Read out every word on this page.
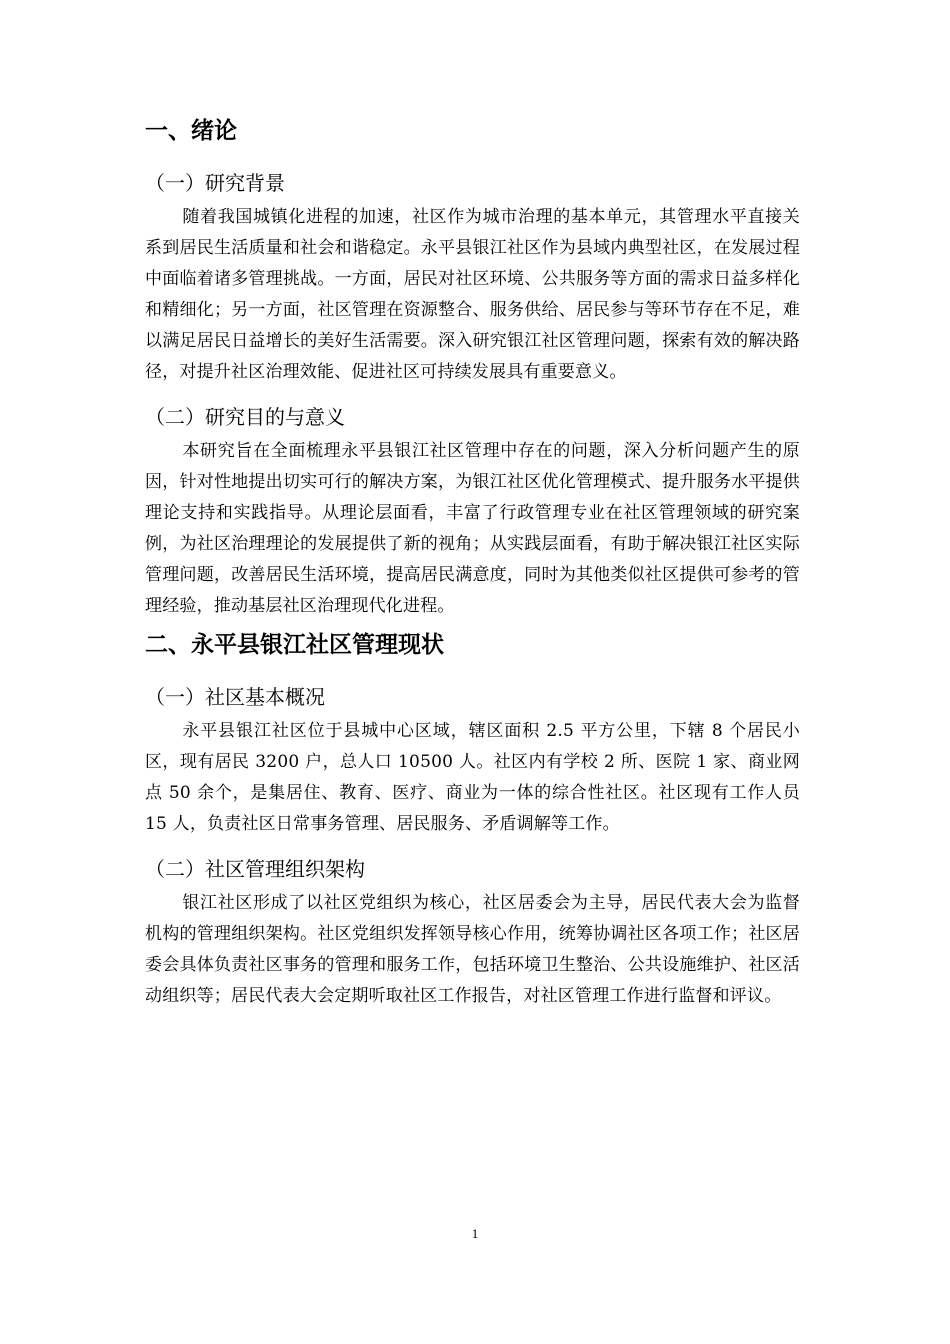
一、绪论
（一）研究背景

随着我国城镇化进程的加速，社区作为城市治理的基本单元，其管理水平直接关系到居民生活质量和社会和谐稳定。永平县银江社区作为县域内典型社区，在发展过程中面临着诸多管理挑战。一方面，居民对社区环境、公共服务等方面的需求日益多样化和精细化；另一方面，社区管理在资源整合、服务供给、居民参与等环节存在不足，难以满足居民日益增长的美好生活需要。深入研究银江社区管理问题，探索有效的解决路径，对提升社区治理效能、促进社区可持续发展具有重要意义。

（二）研究目的与意义

本研究旨在全面梳理永平县银江社区管理中存在的问题，深入分析问题产生的原因，针对性地提出切实可行的解决方案，为银江社区优化管理模式、提升服务水平提供理论支持和实践指导。从理论层面看，丰富了行政管理专业在社区管理领域的研究案例，为社区治理理论的发展提供了新的视角；从实践层面看，有助于解决银江社区实际管理问题，改善居民生活环境，提高居民满意度，同时为其他类似社区提供可参考的管理经验，推动基层社区治理现代化进程。

二、永平县银江社区管理现状
（一）社区基本概况

永平县银江社区位于县城中心区域，辖区面积 2.5 平方公里，下辖 8 个居民小区，现有居民 3200 户，总人口 10500 人。社区内有学校 2 所、医院 1 家、商业网点 50 余个，是集居住、教育、医疗、商业为一体的综合性社区。社区现有工作人员 15 人，负责社区日常事务管理、居民服务、矛盾调解等工作。

（二）社区管理组织架构

银江社区形成了以社区党组织为核心，社区居委会为主导，居民代表大会为监督机构的管理组织架构。社区党组织发挥领导核心作用，统筹协调社区各项工作；社区居委会具体负责社区事务的管理和服务工作，包括环境卫生整治、公共设施维护、社区活动组织等；居民代表大会定期听取社区工作报告，对社区管理工作进行监督和评议。

1
